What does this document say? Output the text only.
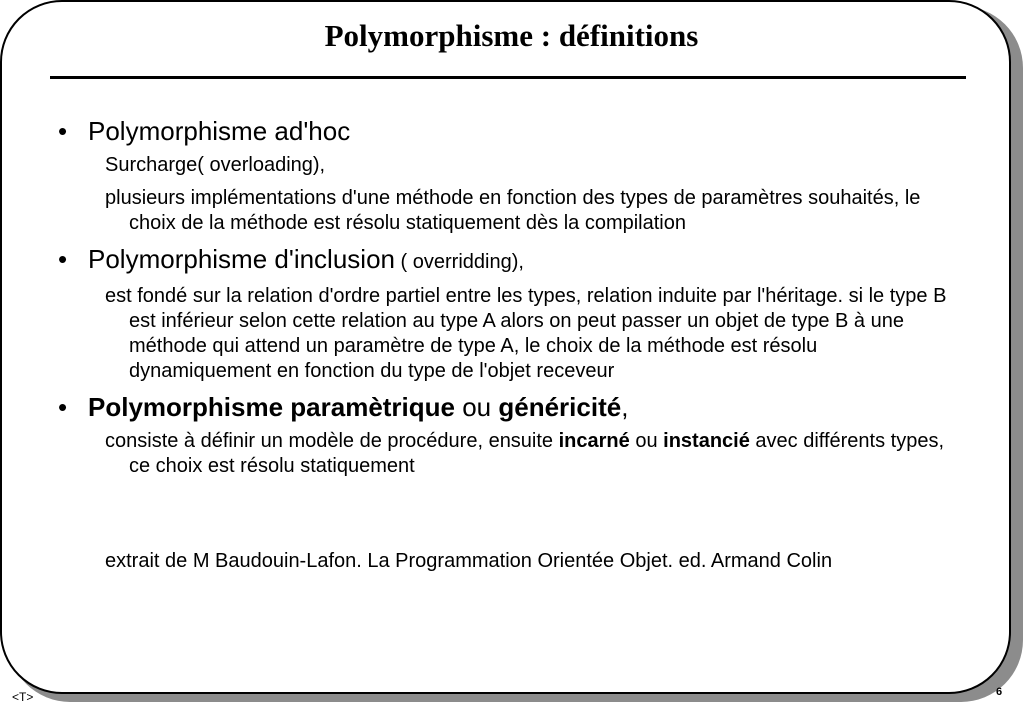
Polymorphisme : définitions
• Polymorphisme ad'hoc
Surcharge( overloading),
plusieurs implémentations d'une méthode en fonction des types de paramètres souhaités, le choix de la méthode est résolu statiquement dès la compilation
• Polymorphisme d'inclusion ( overridding),
est fondé sur la relation d'ordre partiel entre les types, relation induite par l'héritage. si le type B est inférieur selon cette relation au type A alors on peut passer un objet de type B à une méthode qui attend un paramètre de type A, le choix de la méthode est résolu dynamiquement en fonction du type de l'objet receveur
• Polymorphisme paramètrique ou généricité,
consiste à définir un modèle de procédure, ensuite incarné ou instancié avec différents types, ce choix est résolu statiquement
extrait de M Baudouin-Lafon. La Programmation Orientée Objet. ed. Armand Colin
<T>	6
